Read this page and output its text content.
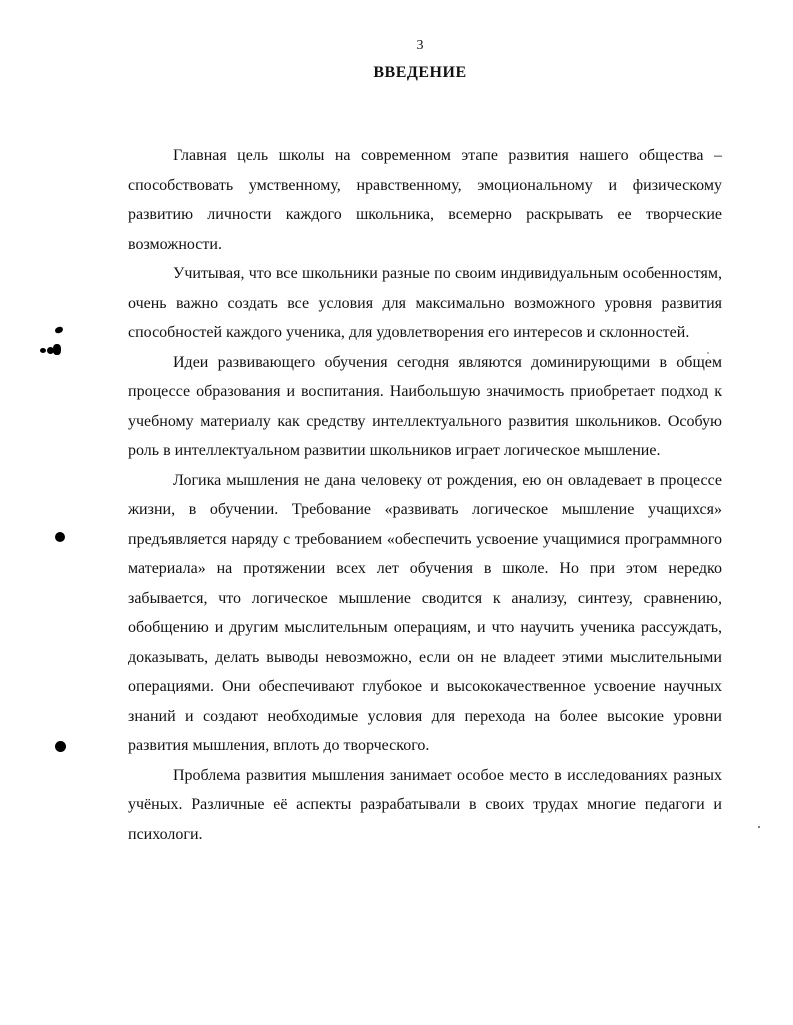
3
ВВЕДЕНИЕ

Главная цель школы на современном этапе развития нашего общества – способствовать умственному, нравственному, эмоциональному и физическому развитию личности каждого школьника, всемерно раскрывать ее творческие возможности.

Учитывая, что все школьники разные по своим индивидуальным особенностям, очень важно создать все условия для максимально возможного уровня развития способностей каждого ученика, для удовлетворения его интересов и склонностей.

Идеи развивающего обучения сегодня являются доминирующими в общем процессе образования и воспитания. Наибольшую значимость приобретает подход к учебному материалу как средству интеллектуального развития школьников. Особую роль в интеллектуальном развитии школьников играет логическое мышление.

Логика мышления не дана человеку от рождения, ею он овладевает в процессе жизни, в обучении. Требование «развивать логическое мышление учащихся» предъявляется наряду с требованием «обеспечить усвоение учащимися программного материала» на протяжении всех лет обучения в школе. Но при этом нередко забывается, что логическое мышление сводится к анализу, синтезу, сравнению, обобщению и другим мыслительным операциям, и что научить ученика рассуждать, доказывать, делать выводы невозможно, если он не владеет этими мыслительными операциями. Они обеспечивают глубокое и высококачественное усвоение научных знаний и создают необходимые условия для перехода на более высокие уровни развития мышления, вплоть до творческого.

Проблема развития мышления занимает особое место в исследованиях разных учёных. Различные её аспекты разрабатывали в своих трудах многие педагоги и психологи.
